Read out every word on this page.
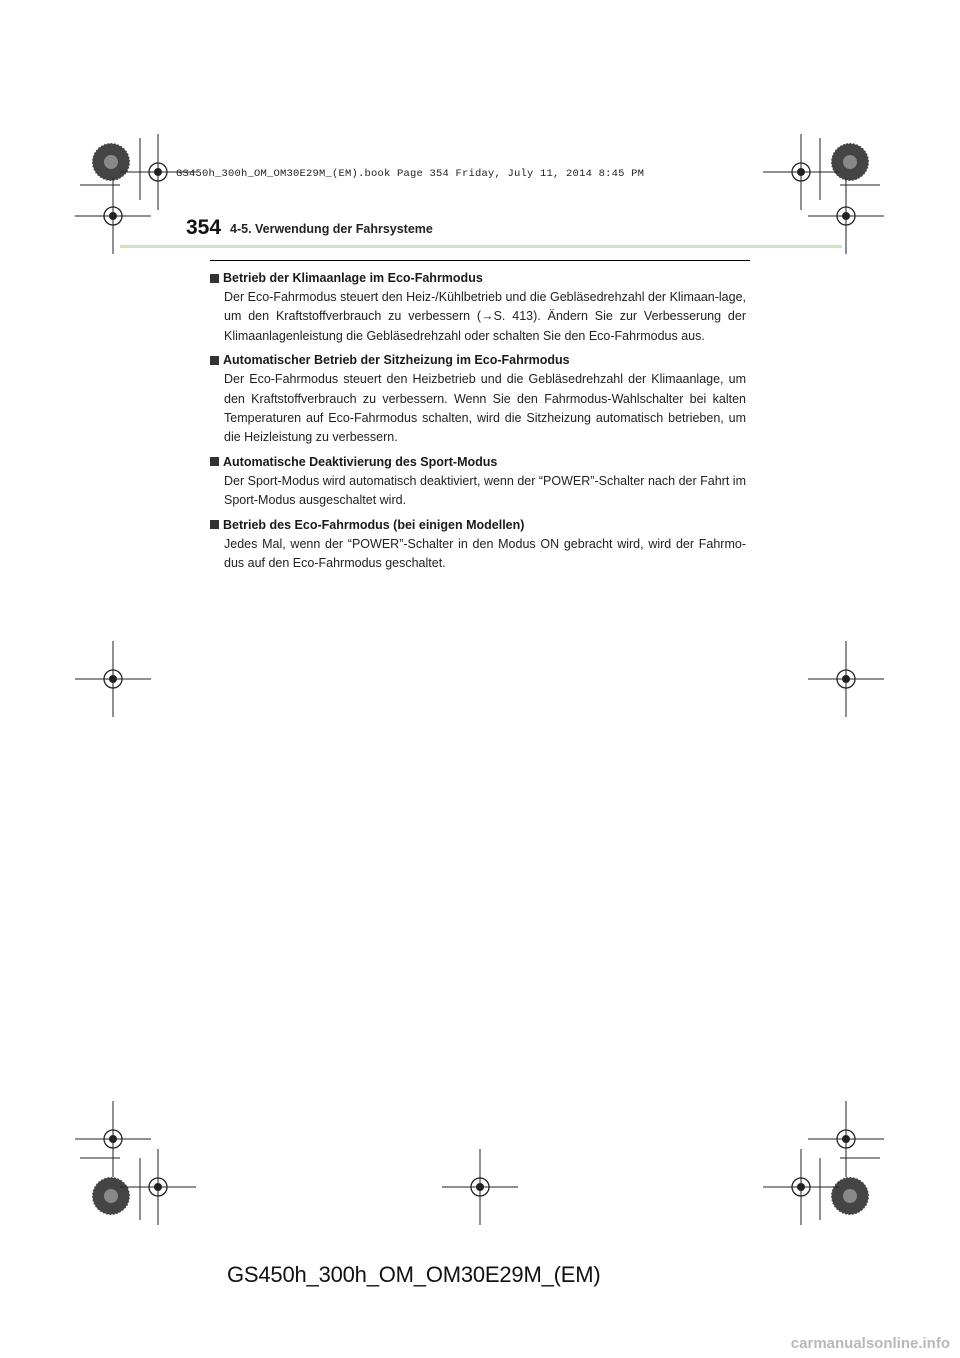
GS450h_300h_OM_OM30E29M_(EM).book Page 354 Friday, July 11, 2014 8:45 PM
354 4-5. Verwendung der Fahrsysteme
Betrieb der Klimaanlage im Eco-Fahrmodus

Der Eco-Fahrmodus steuert den Heiz-/Kühlbetrieb und die Gebläsedrehzahl der Klimaan-lage, um den Kraftstoffverbrauch zu verbessern (→S. 413). Ändern Sie zur Verbesserung der Klimaanlagenleistung die Gebläsedrehzahl oder schalten Sie den Eco-Fahrmodus aus.

Automatischer Betrieb der Sitzheizung im Eco-Fahrmodus

Der Eco-Fahrmodus steuert den Heizbetrieb und die Gebläsedrehzahl der Klimaanlage, um den Kraftstoffverbrauch zu verbessern. Wenn Sie den Fahrmodus-Wahlschalter bei kalten Temperaturen auf Eco-Fahrmodus schalten, wird die Sitzheizung automatisch betrieben, um die Heizleistung zu verbessern.

Automatische Deaktivierung des Sport-Modus

Der Sport-Modus wird automatisch deaktiviert, wenn der “POWER”-Schalter nach der Fahrt im Sport-Modus ausgeschaltet wird.

Betrieb des Eco-Fahrmodus (bei einigen Modellen)

Jedes Mal, wenn der “POWER”-Schalter in den Modus ON gebracht wird, wird der Fahrmo-dus auf den Eco-Fahrmodus geschaltet.

GS450h_300h_OM_OM30E29M_(EM)
carmanualsonline.info
